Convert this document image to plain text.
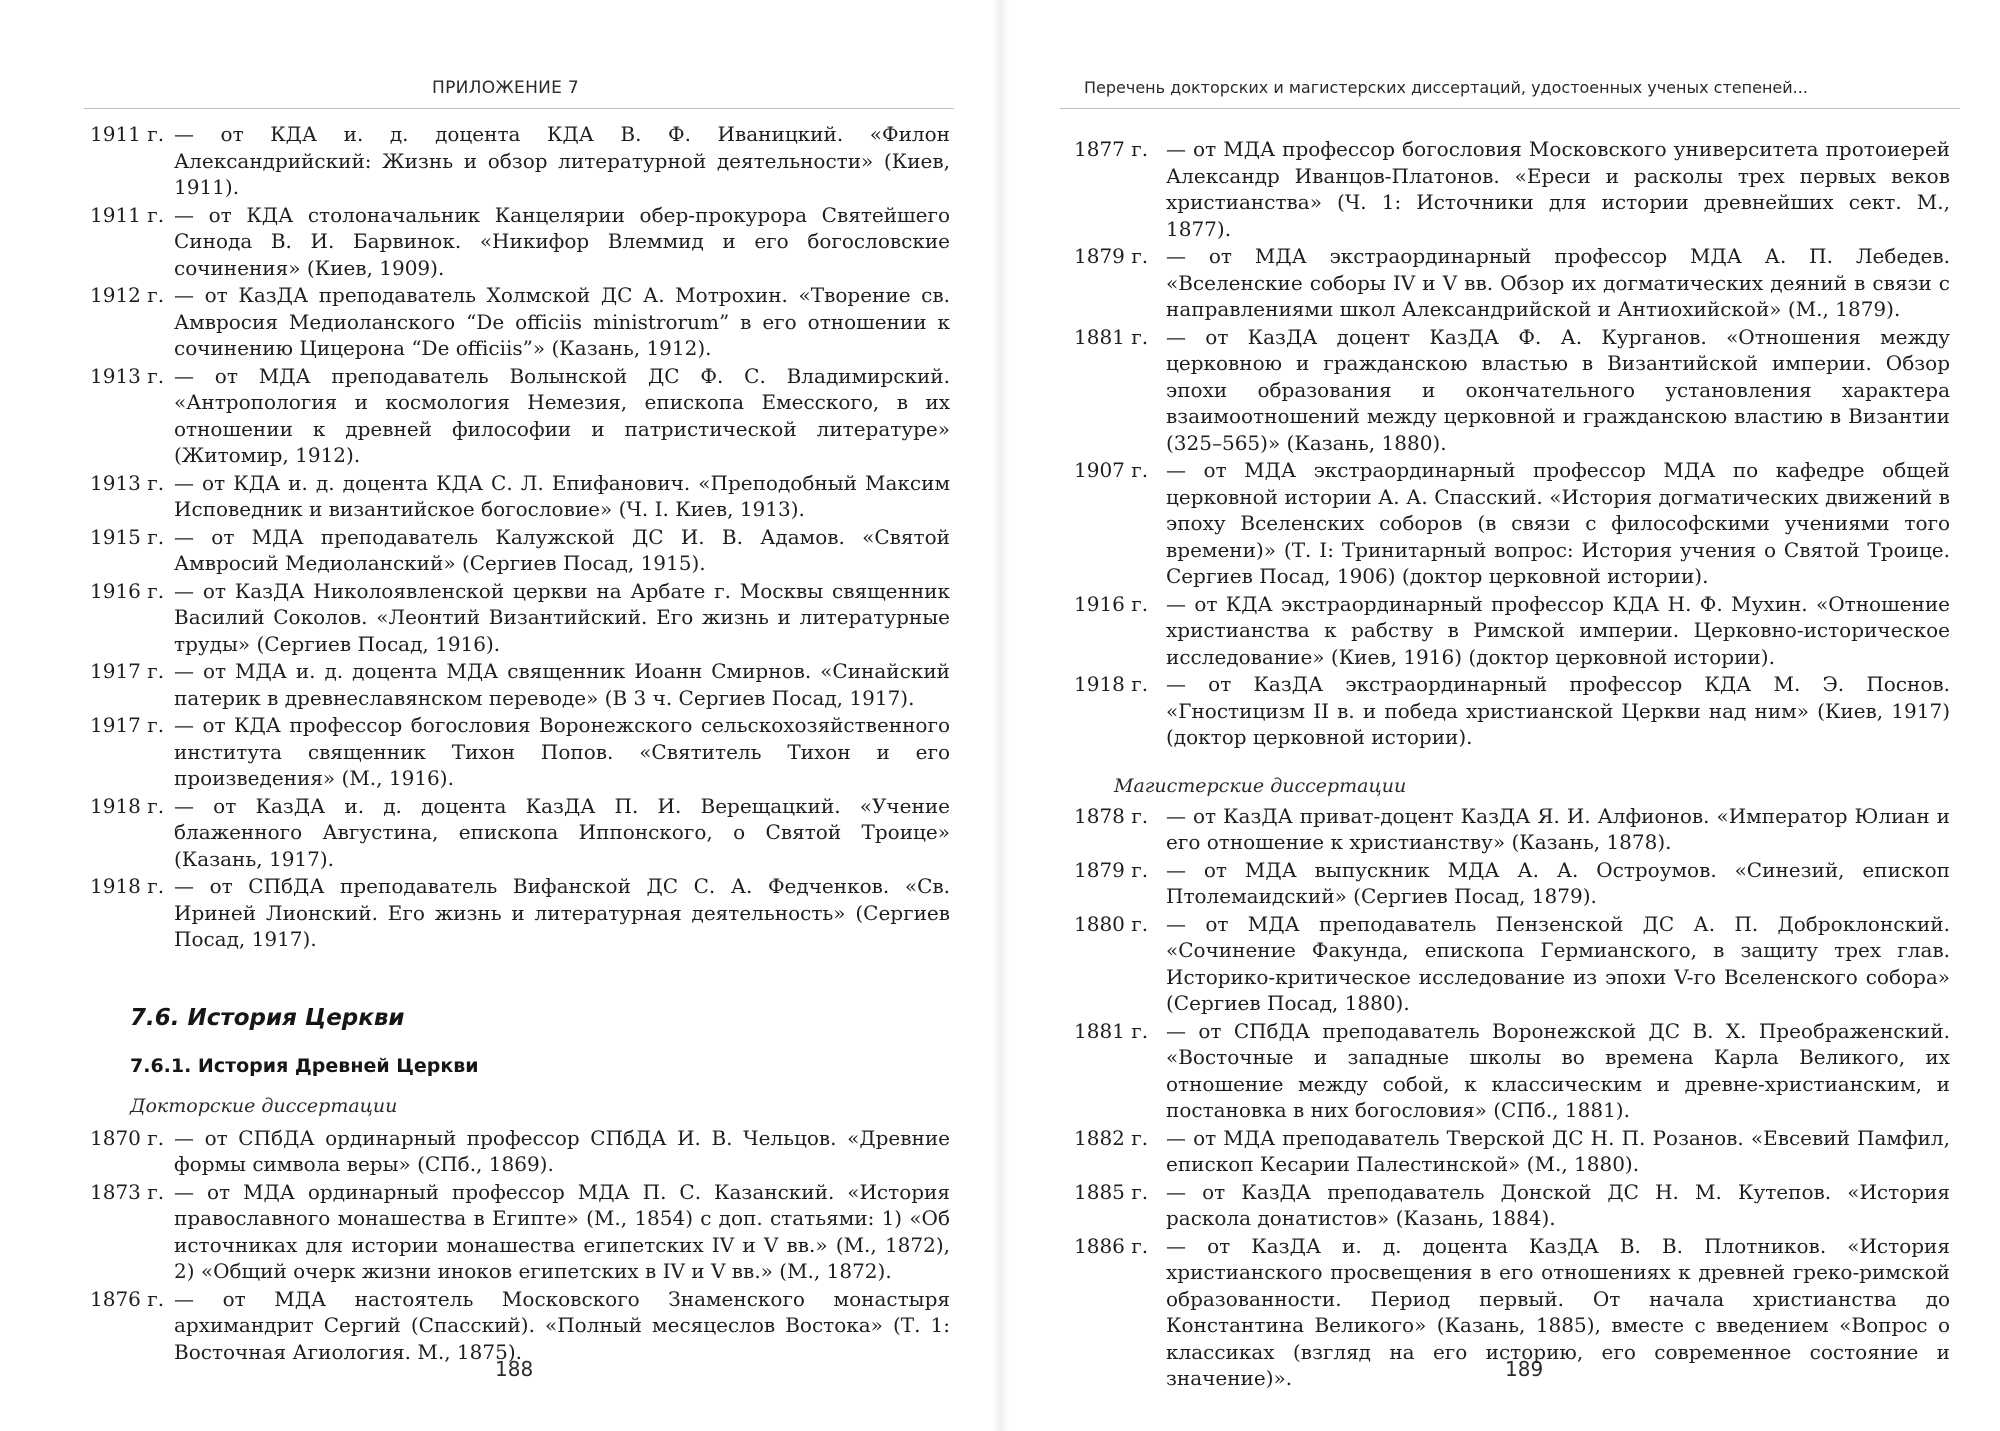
ПРИЛОЖЕНИЕ 7
1911 г. — от КДА и. д. доцента КДА В. Ф. Иваницкий. «Филон Александрийский: Жизнь и обзор литературной деятельности» (Киев, 1911).
1911 г. — от КДА столоначальник Канцелярии обер-прокурора Святейшего Синода В. И. Барвинок. «Никифор Влеммид и его богословские сочинения» (Киев, 1909).
1912 г. — от КазДА преподаватель Холмской ДС А. Мотрохин. «Творение св. Амвросия Медиоланского “De officiis ministrorum” в его отношении к сочинению Цицерона “De officiis”» (Казань, 1912).
1913 г. — от МДА преподаватель Волынской ДС Ф. С. Владимирский. «Антропология и космология Немезия, епископа Емесского, в их отношении к древней философии и патристической литературе» (Житомир, 1912).
1913 г. — от КДА и. д. доцента КДА С. Л. Епифанович. «Преподобный Максим Исповедник и византийское богословие» (Ч. I. Киев, 1913).
1915 г. — от МДА преподаватель Калужской ДС И. В. Адамов. «Святой Амвросий Медиоланский» (Сергиев Посад, 1915).
1916 г. — от КазДА Николоявленской церкви на Арбате г. Москвы священник Василий Соколов. «Леонтий Византийский. Его жизнь и литературные труды» (Сергиев Посад, 1916).
1917 г. — от МДА и. д. доцента МДА священник Иоанн Смирнов. «Синайский патерик в древнеславянском переводе» (В 3 ч. Сергиев Посад, 1917).
1917 г. — от КДА профессор богословия Воронежского сельскохозяйственного института священник Тихон Попов. «Святитель Тихон и его произведения» (М., 1916).
1918 г. — от КазДА и. д. доцента КазДА П. И. Верещацкий. «Учение блаженного Августина, епископа Иппонского, о Святой Троице» (Казань, 1917).
1918 г. — от СПбДА преподаватель Вифанской ДС С. А. Федченков. «Св. Ириней Лионский. Его жизнь и литературная деятельность» (Сергиев Посад, 1917).
7.6. История Церкви
7.6.1. История Древней Церкви
Докторские диссертации
1870 г. — от СПбДА ординарный профессор СПбДА И. В. Чельцов. «Древние формы символа веры» (СПб., 1869).
1873 г. — от МДА ординарный профессор МДА П. С. Казанский. «История православного монашества в Египте» (М., 1854) с доп. статьями: 1) «Об источниках для истории монашества египетских IV и V вв.» (М., 1872), 2) «Общий очерк жизни иноков египетских в IV и V вв.» (М., 1872).
1876 г. — от МДА настоятель Московского Знаменского монастыря архимандрит Сергий (Спасский). «Полный месяцеслов Востока» (Т. 1: Восточная Агиология. М., 1875).
188
Перечень докторских и магистерских диссертаций, удостоенных ученых степеней...
1877 г. — от МДА профессор богословия Московского университета протоиерей Александр Иванцов-Платонов. «Ереси и расколы трех первых веков христианства» (Ч. 1: Источники для истории древнейших сект. М., 1877).
1879 г. — от МДА экстраординарный профессор МДА А. П. Лебедев. «Вселенские соборы IV и V вв. Обзор их догматических деяний в связи с направлениями школ Александрийской и Антиохийской» (М., 1879).
1881 г. — от КазДА доцент КазДА Ф. А. Курганов. «Отношения между церковною и гражданскою властью в Византийской империи. Обзор эпохи образования и окончательного установления характера взаимоотношений между церковной и гражданскою властию в Византии (325–565)» (Казань, 1880).
1907 г. — от МДА экстраординарный профессор МДА по кафедре общей церковной истории А. А. Спасский. «История догматических движений в эпоху Вселенских соборов (в связи с философскими учениями того времени)» (Т. I: Тринитарный вопрос: История учения о Святой Троице. Сергиев Посад, 1906) (доктор церковной истории).
1916 г. — от КДА экстраординарный профессор КДА Н. Ф. Мухин. «Отношение христианства к рабству в Римской империи. Церковно-историческое исследование» (Киев, 1916) (доктор церковной истории).
1918 г. — от КазДА экстраординарный профессор КДА М. Э. Поснов. «Гностицизм II в. и победа христианской Церкви над ним» (Киев, 1917) (доктор церковной истории).
Магистерские диссертации
1878 г. — от КазДА приват-доцент КазДА Я. И. Алфионов. «Император Юлиан и его отношение к христианству» (Казань, 1878).
1879 г. — от МДА выпускник МДА А. А. Остроумов. «Синезий, епископ Птолемаидский» (Сергиев Посад, 1879).
1880 г. — от МДА преподаватель Пензенской ДС А. П. Доброклонский. «Сочинение Факунда, епископа Гермианского, в защиту трех глав. Историко-критическое исследование из эпохи V-го Вселенского собора» (Сергиев Посад, 1880).
1881 г. — от СПбДА преподаватель Воронежской ДС В. Х. Преображенский. «Восточные и западные школы во времена Карла Великого, их отношение между собой, к классическим и древне-христианским, и постановка в них богословия» (СПб., 1881).
1882 г. — от МДА преподаватель Тверской ДС Н. П. Розанов. «Евсевий Памфил, епископ Кесарии Палестинской» (М., 1880).
1885 г. — от КазДА преподаватель Донской ДС Н. М. Кутепов. «История раскола донатистов» (Казань, 1884).
1886 г. — от КазДА и. д. доцента КазДА В. В. Плотников. «История христианского просвещения в его отношениях к древней греко-римской образованности. Период первый. От начала христианства до Константина Великого» (Казань, 1885), вместе с введением «Вопрос о классиках (взгляд на его историю, его современное состояние и значение)».	189
